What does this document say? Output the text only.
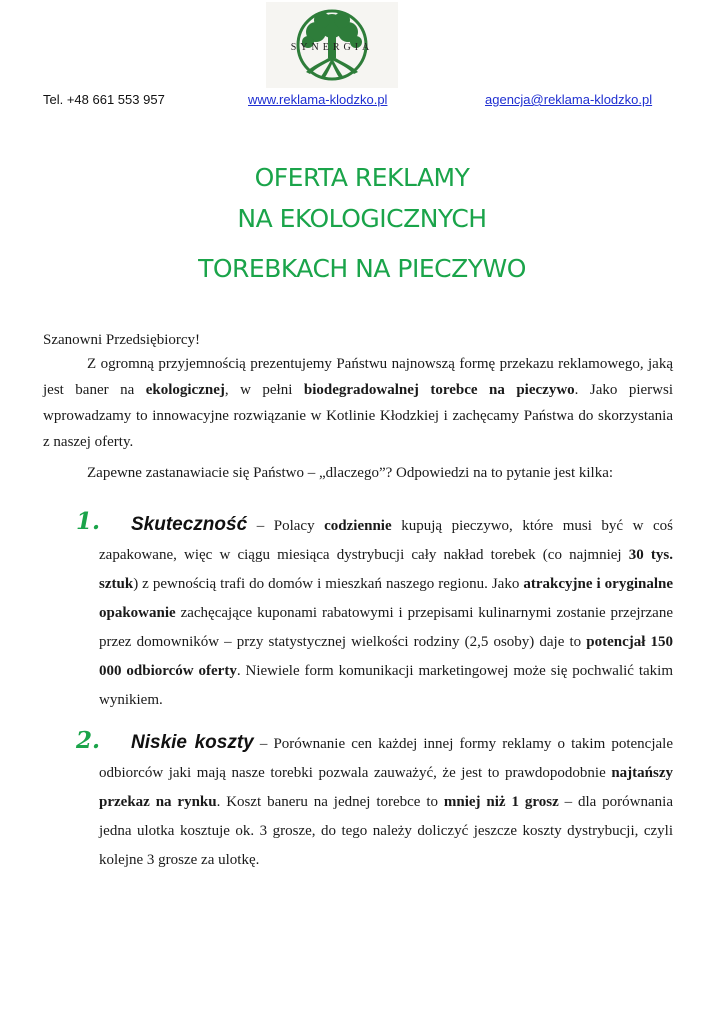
SYNERGIA
Tel. +48 661 553 957	www.reklama-klodzko.pl	agencja@reklama-klodzko.pl
OFERTA REKLAMY
NA EKOLOGICZNYCH
TOREBKACH NA PIECZYWO

Szanowni Przedsiębiorcy!

Z ogromną przyjemnością prezentujemy Państwu najnowszą formę przekazu reklamowego, jaką jest baner na ekologicznej, w pełni biodegradowalnej torebce na pieczywo. Jako pierwsi wprowadzamy to innowacyjne rozwiązanie w Kotlinie Kłodzkiej i zachęcamy Państwa do skorzystania z naszej oferty.

Zapewne zastanawiacie się Państwo – „dlaczego”? Odpowiedzi na to pytanie jest kilka:

1.	Skuteczność – Polacy codziennie kupują pieczywo, które musi być w coś zapakowane, więc w ciągu miesiąca dystrybucji cały nakład torebek (co najmniej 30 tys. sztuk) z pewnością trafi do domów i mieszkań naszego regionu. Jako atrakcyjne i oryginalne opakowanie zachęcające kuponami rabatowymi i przepisami kulinarnymi zostanie przejrzane przez domowników – przy statystycznej wielkości rodziny (2,5 osoby) daje to potencjał 150 000 odbiorców oferty. Niewiele form komunikacji marketingowej może się pochwalić takim wynikiem.

2.	Niskie koszty – Porównanie cen każdej innej formy reklamy o takim potencjale odbiorców jaki mają nasze torebki pozwala zauważyć, że jest to prawdopodobnie najtańszy przekaz na rynku. Koszt baneru na jednej torebce to mniej niż 1 grosz – dla porównania jedna ulotka kosztuje ok. 3 grosze, do tego należy doliczyć jeszcze koszty dystrybucji, czyli kolejne 3 grosze za ulotkę.
